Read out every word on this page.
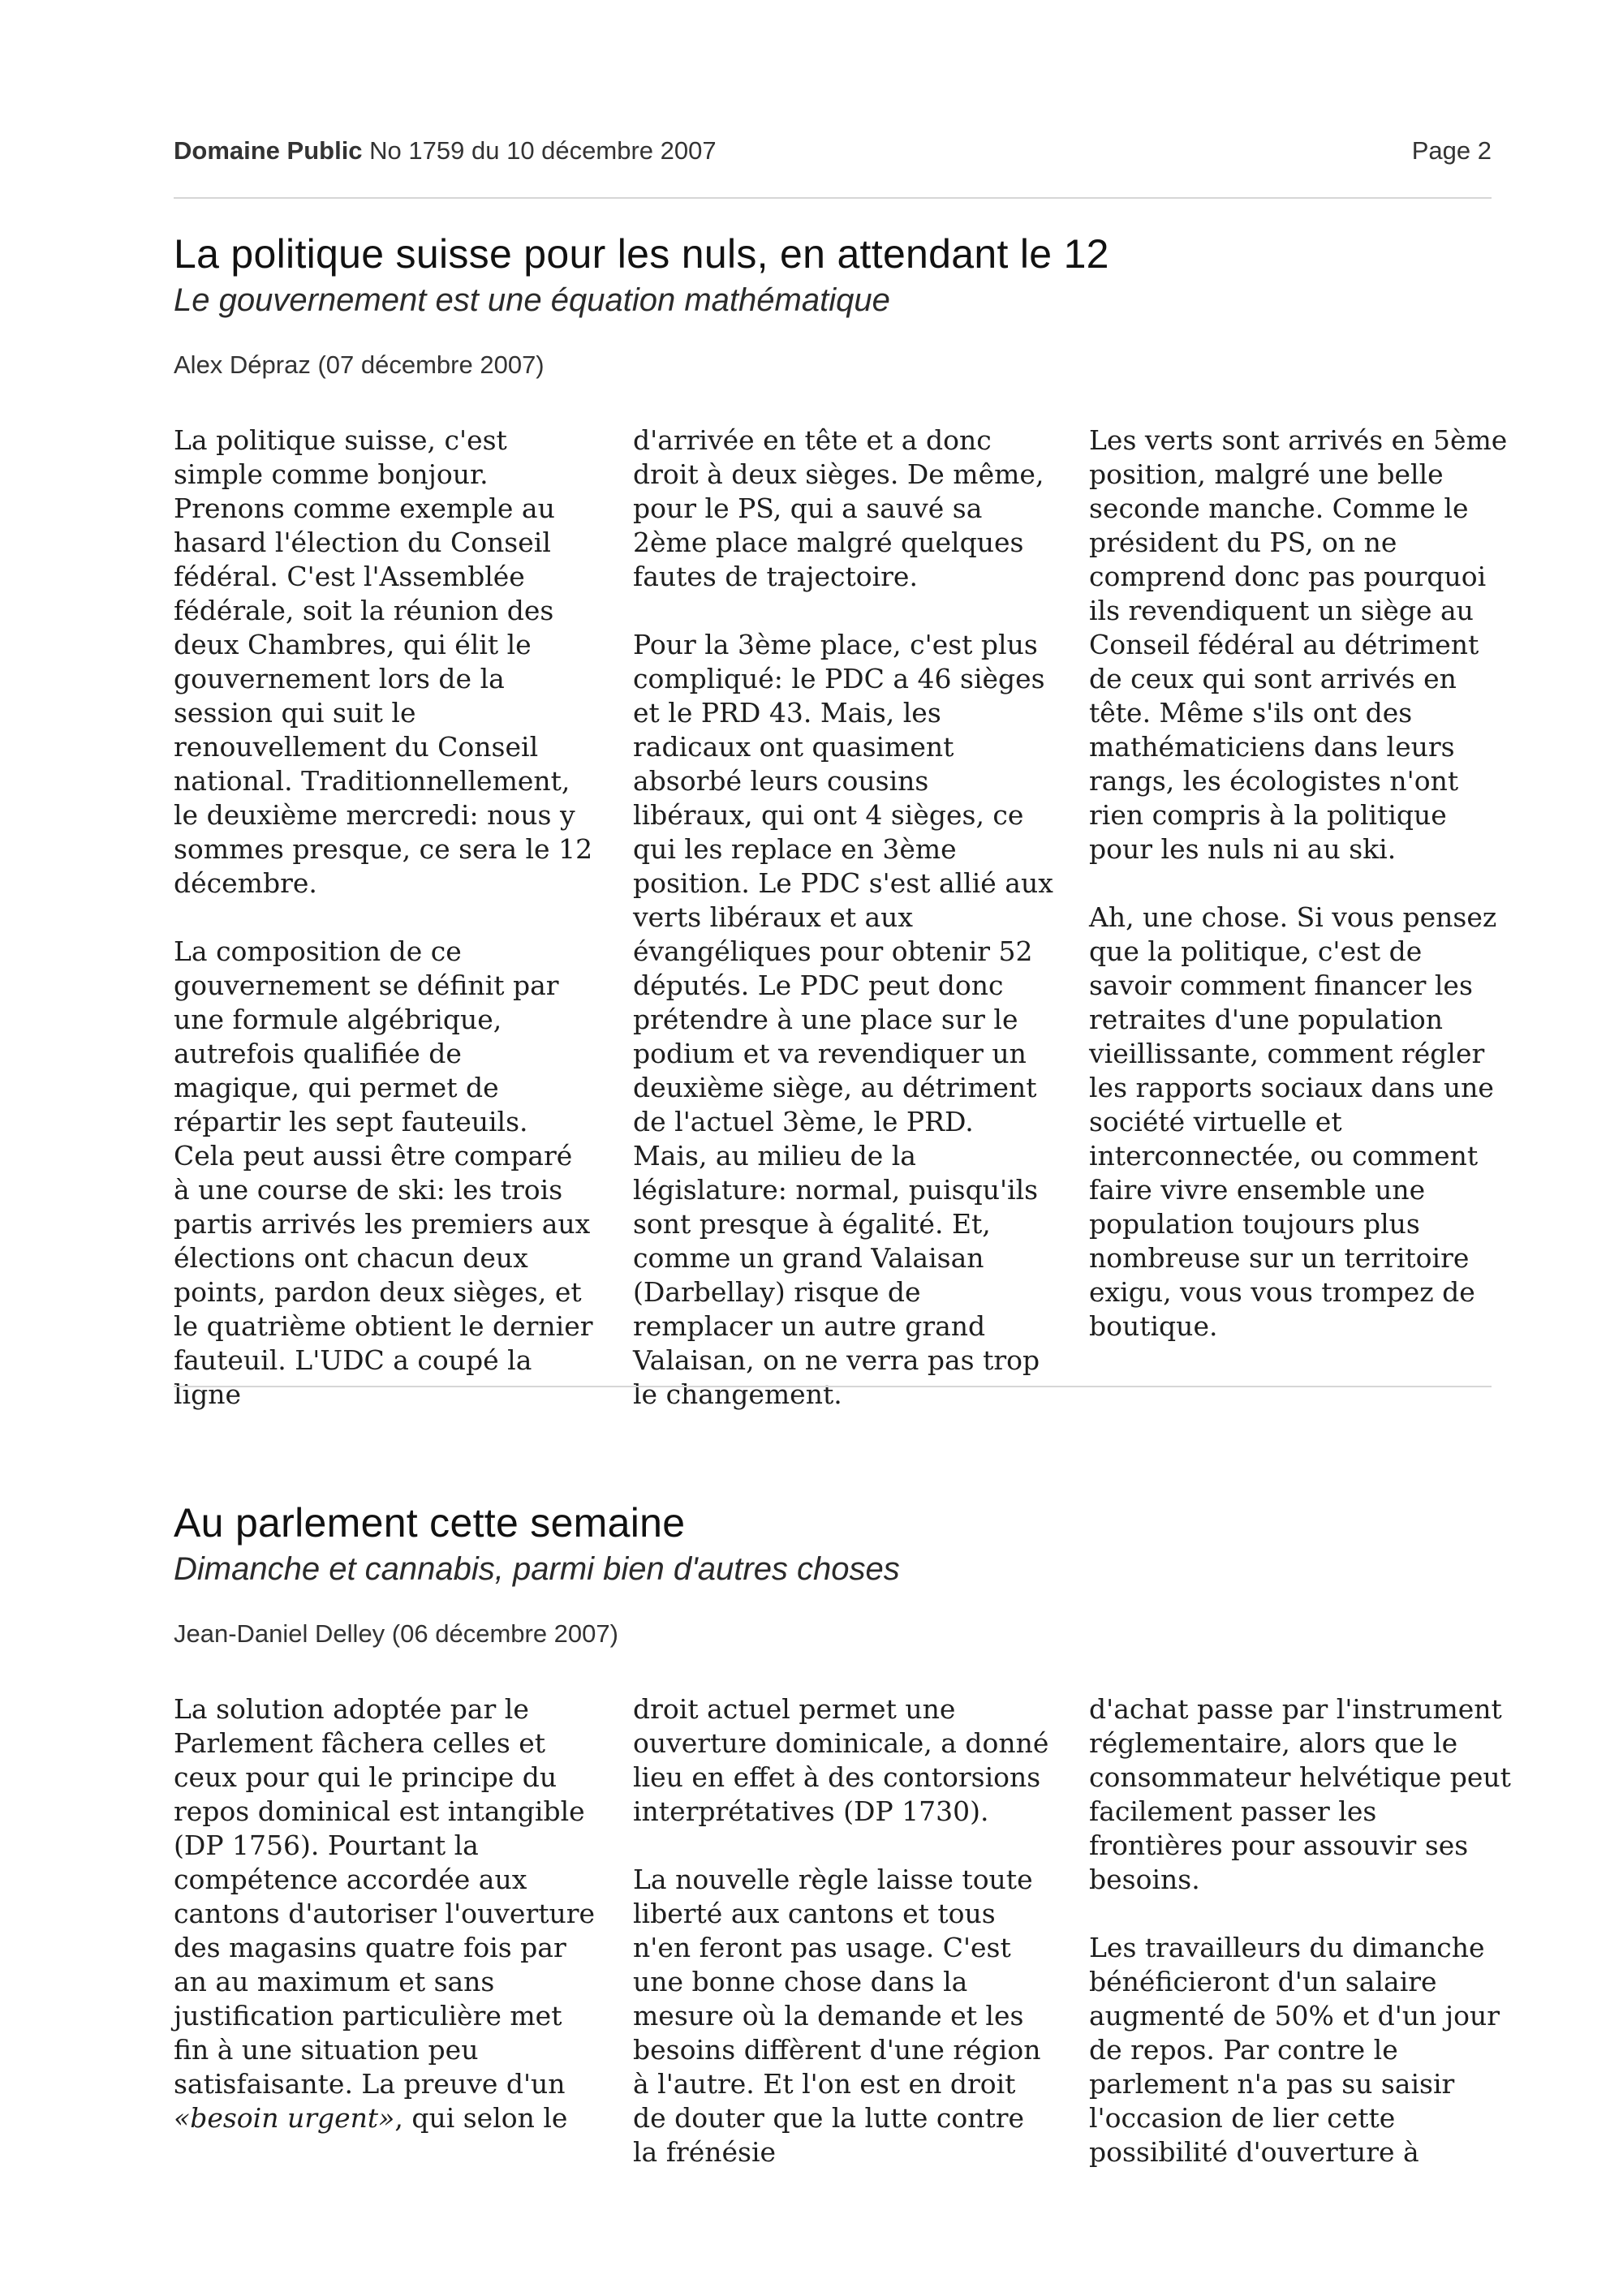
Domaine Public No 1759 du 10 décembre 2007	Page 2
La politique suisse pour les nuls, en attendant le 12

Le gouvernement est une équation mathématique

Alex Dépraz (07 décembre 2007)

La politique suisse, c'est simple comme bonjour. Prenons comme exemple au hasard l'élection du Conseil fédéral. C'est l'Assemblée fédérale, soit la réunion des deux Chambres, qui élit le gouvernement lors de la session qui suit le renouvellement du Conseil national. Traditionnellement, le deuxième mercredi: nous y sommes presque, ce sera le 12 décembre.

La composition de ce gouvernement se définit par une formule algébrique, autrefois qualifiée de magique, qui permet de répartir les sept fauteuils. Cela peut aussi être comparé à une course de ski: les trois partis arrivés les premiers aux élections ont chacun deux points, pardon deux sièges, et le quatrième obtient le dernier fauteuil. L'UDC a coupé la ligne

d'arrivée en tête et a donc droit à deux sièges. De même, pour le PS, qui a sauvé sa 2ème place malgré quelques fautes de trajectoire.

Pour la 3ème place, c'est plus compliqué: le PDC a 46 sièges et le PRD 43. Mais, les radicaux ont quasiment absorbé leurs cousins libéraux, qui ont 4 sièges, ce qui les replace en 3ème position. Le PDC s'est allié aux verts libéraux et aux évangéliques pour obtenir 52 députés. Le PDC peut donc prétendre à une place sur le podium et va revendiquer un deuxième siège, au détriment de l'actuel 3ème, le PRD. Mais, au milieu de la législature: normal, puisqu'ils sont presque à égalité. Et, comme un grand Valaisan (Darbellay) risque de remplacer un autre grand Valaisan, on ne verra pas trop le changement.

Les verts sont arrivés en 5ème position, malgré une belle seconde manche. Comme le président du PS, on ne comprend donc pas pourquoi ils revendiquent un siège au Conseil fédéral au détriment de ceux qui sont arrivés en tête. Même s'ils ont des mathématiciens dans leurs rangs, les écologistes n'ont rien compris à la politique pour les nuls ni au ski.

Ah, une chose. Si vous pensez que la politique, c'est de savoir comment financer les retraites d'une population vieillissante, comment régler les rapports sociaux dans une société virtuelle et interconnectée, ou comment faire vivre ensemble une population toujours plus nombreuse sur un territoire exigu, vous vous trompez de boutique.

Au parlement cette semaine

Dimanche et cannabis, parmi bien d'autres choses

Jean-Daniel Delley (06 décembre 2007)

La solution adoptée par le Parlement fâchera celles et ceux pour qui le principe du repos dominical est intangible (DP 1756). Pourtant la compétence accordée aux cantons d'autoriser l'ouverture des magasins quatre fois par an au maximum et sans justification particulière met fin à une situation peu satisfaisante. La preuve d'un «besoin urgent», qui selon le

droit actuel permet une ouverture dominicale, a donné lieu en effet à des contorsions interprétatives (DP 1730).

La nouvelle règle laisse toute liberté aux cantons et tous n'en feront pas usage. C'est une bonne chose dans la mesure où la demande et les besoins diffèrent d'une région à l'autre. Et l'on est en droit de douter que la lutte contre la frénésie

d'achat passe par l'instrument réglementaire, alors que le consommateur helvétique peut facilement passer les frontières pour assouvir ses besoins.

Les travailleurs du dimanche bénéficieront d'un salaire augmenté de 50% et d'un jour de repos. Par contre le parlement n'a pas su saisir l'occasion de lier cette possibilité d'ouverture à
